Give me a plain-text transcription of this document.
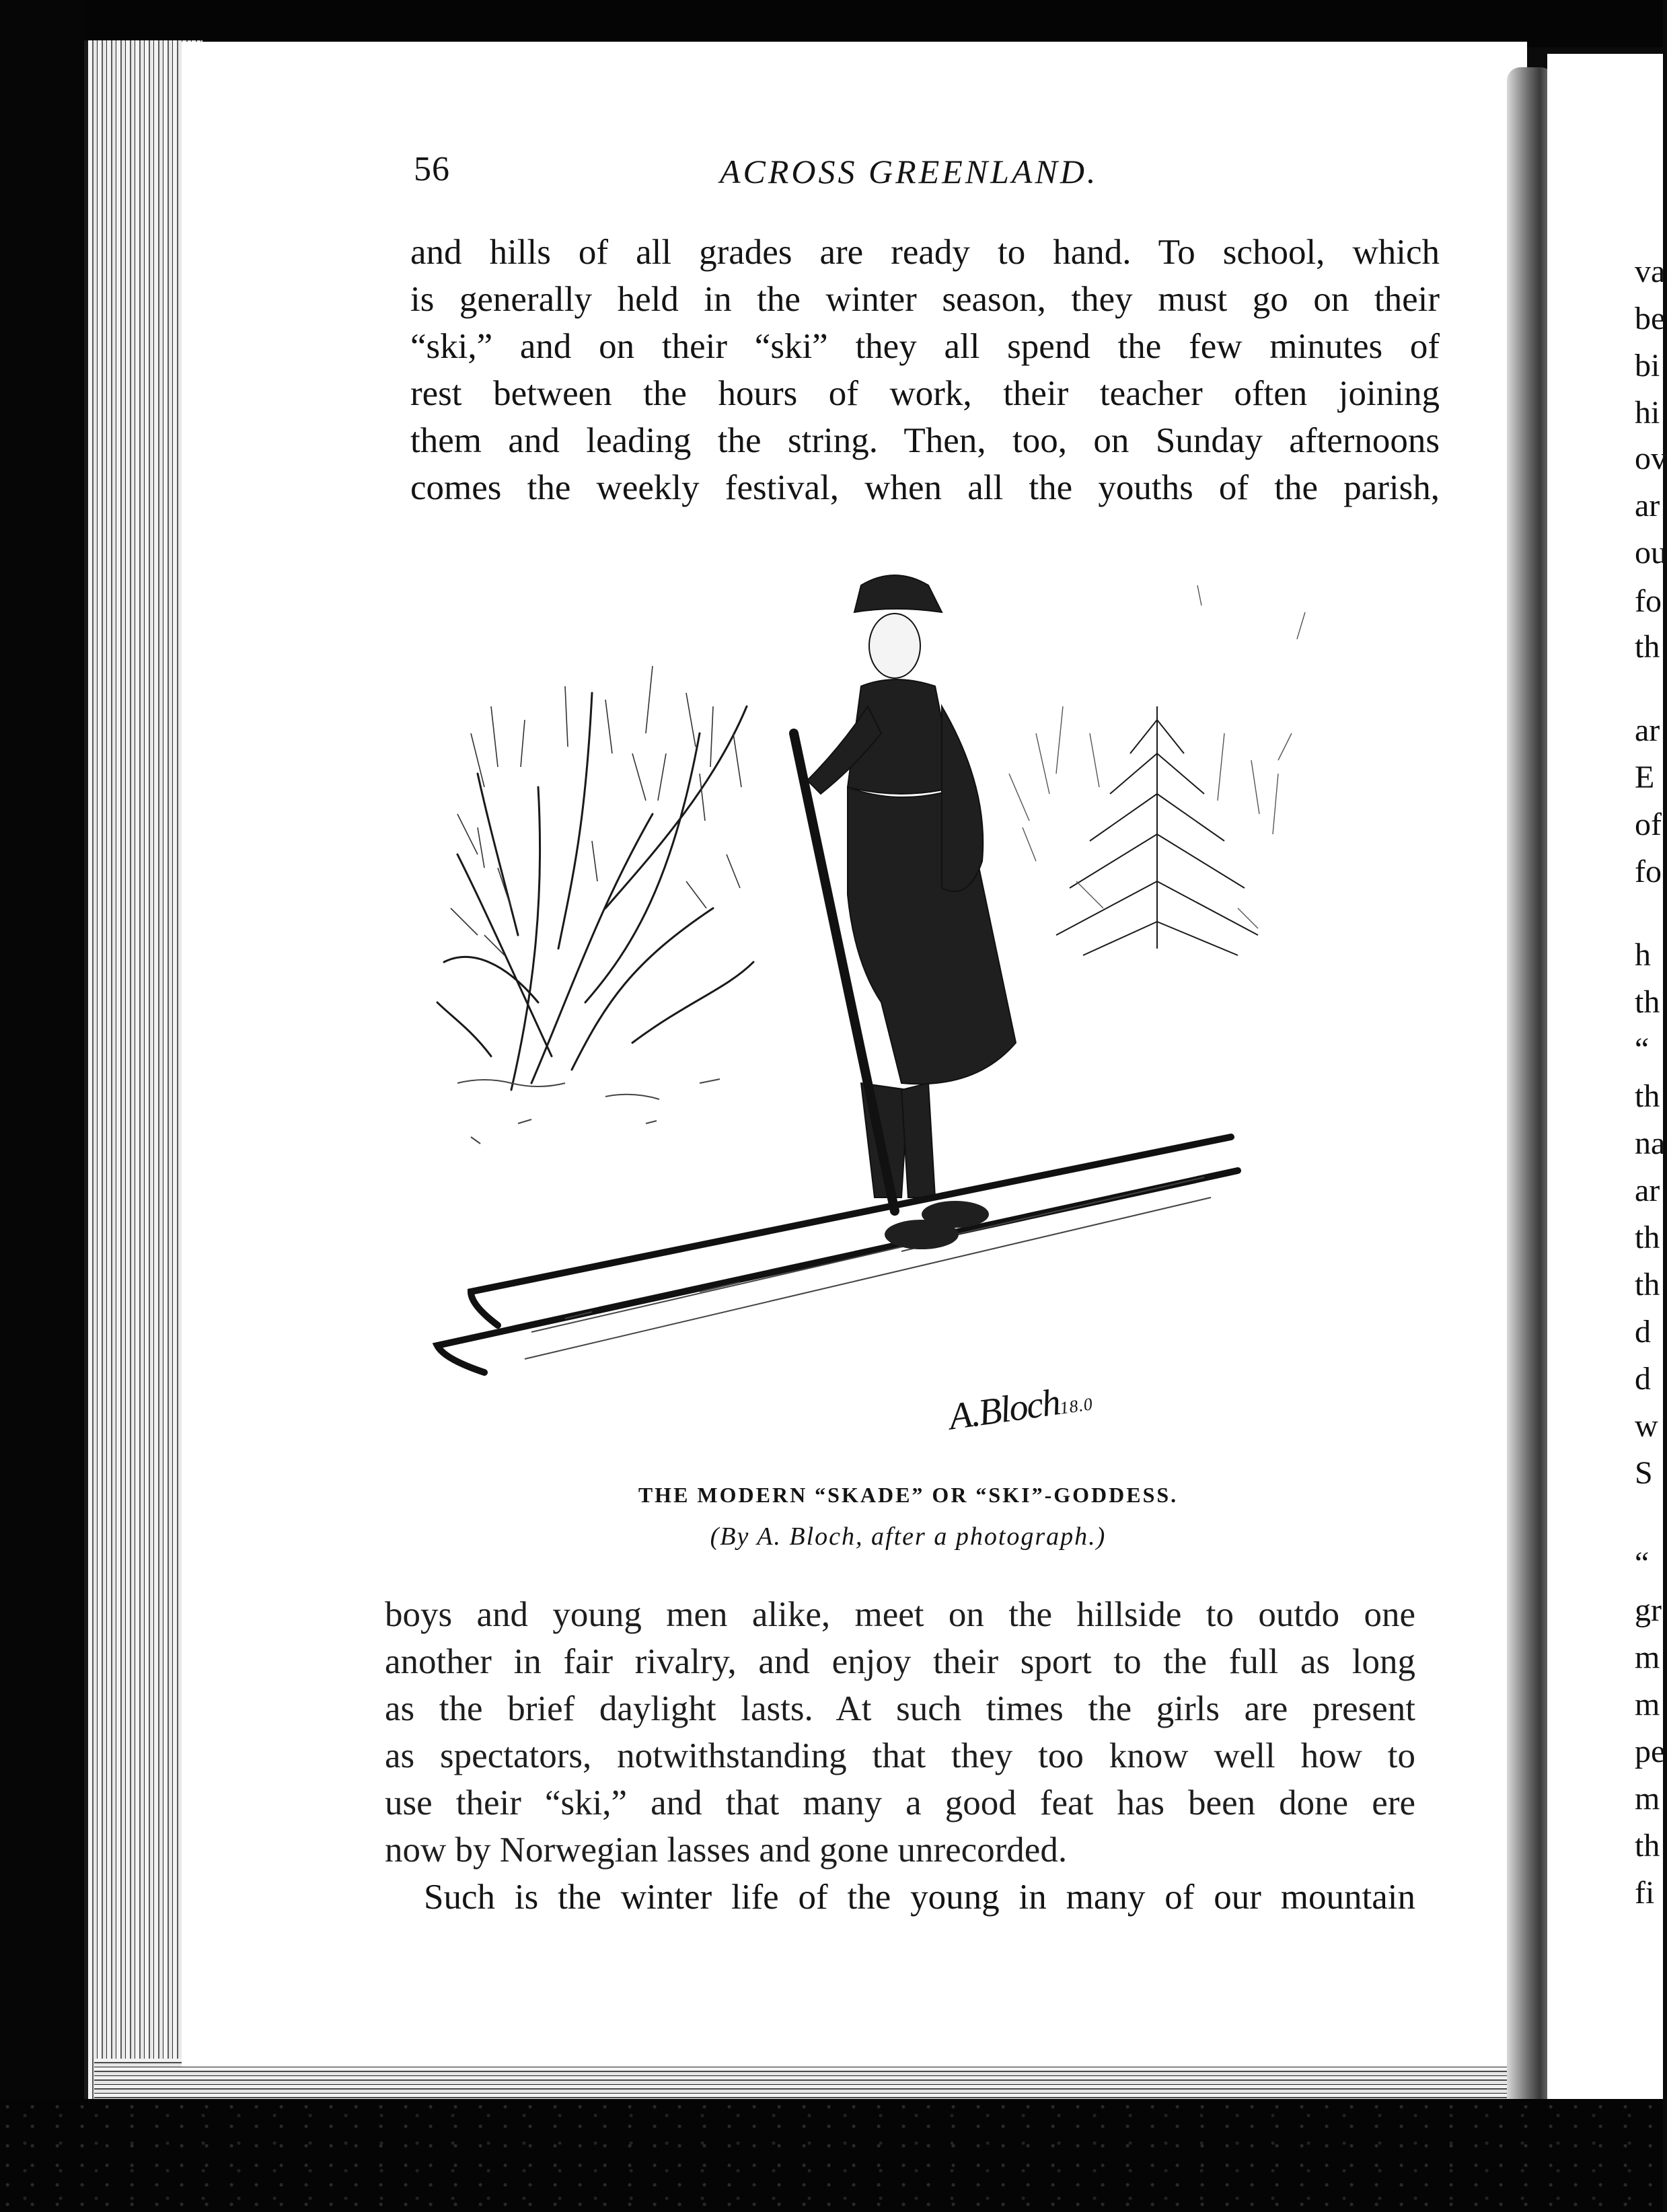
56	ACROSS GREENLAND.
and hills of all grades are ready to hand. To school, which
is generally held in the winter season, they must go on their
“ski,” and on their “ski” they all spend the few minutes of
rest between the hours of work, their teacher often joining
them and leading the string. Then, too, on Sunday afternoons
comes the weekly festival, when all the youths of the parish,
A.Bloch18.0
THE MODERN “SKADE” OR “SKI”-GODDESS.
(By A. Bloch, after a photograph.)
boys and young men alike, meet on the hillside to outdo one
another in fair rivalry, and enjoy their sport to the full as long
as the brief daylight lasts. At such times the girls are present
as spectators, notwithstanding that they too know well how to
use their “ski,” and that many a good feat has been done ere
now by Norwegian lasses and gone unrecorded.
Such is the winter life of the young in many of our mountain
va
be
bi
hi
ov
ar
ou
fo
th
ar
E
of
fo
h
th
“
th
na
ar
th
th
d
d
w
S
“
gr
m
m
pe
m
th
fi
